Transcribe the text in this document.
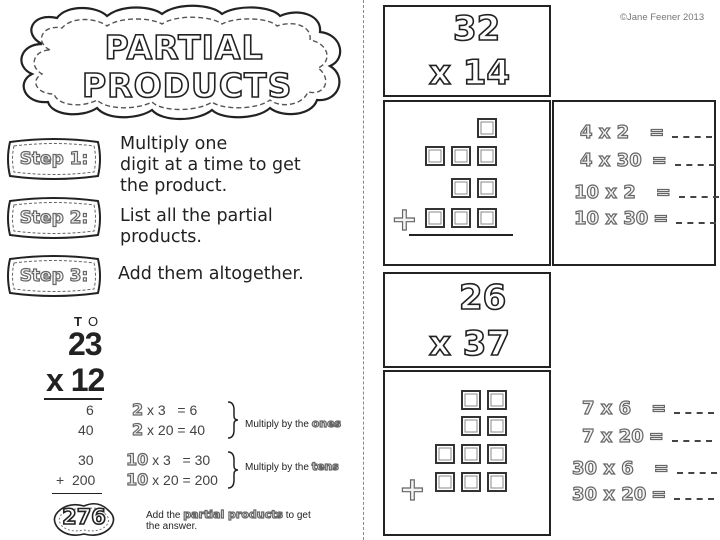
PARTIAL
PRODUCTS
Step 1:
Multiply one
digit at a time to get
the product.
Step 2:	List all the partial
products.
Step 3:	Add them altogether.
T O
23
x 12
6
40
30
+  200
2 x 3   = 6
2 x 20 = 40
10 x 3   = 30
10 x 20 = 200
Multiply by the ones
Multiply by the tens
276	Add the partial products to get
the answer.
©Jane Feener 2013
32
x 14
+
4 x 2 =
4 x 30 =
10 x 2 =
10 x 30 =
26
x 37
+
7 x 6 =
7 x 20 =
30 x 6 =
30 x 20 =
